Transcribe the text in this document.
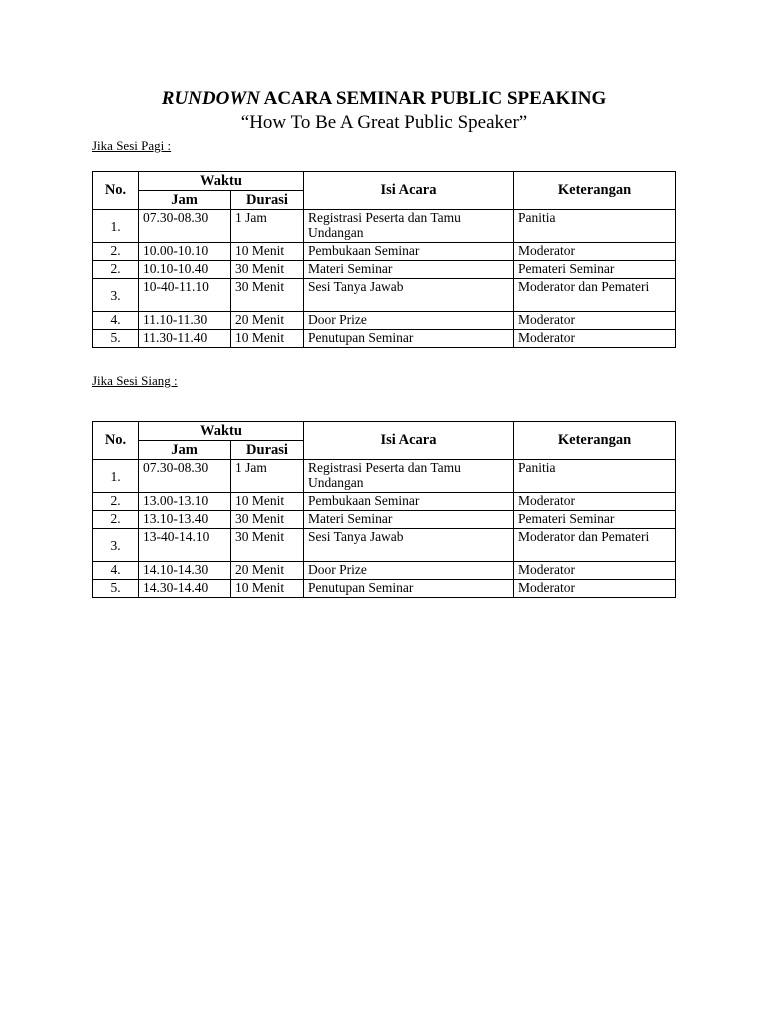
RUNDOWN ACARA SEMINAR PUBLIC SPEAKING
“How To Be A Great Public Speaker”
Jika Sesi Pagi :
No.	Waktu		Isi Acara	Keterangan
	Jam	Durasi		
1.	07.30-08.30	1 Jam	Registrasi Peserta dan Tamu Undangan	Panitia
2.	10.00-10.10	10 Menit	Pembukaan Seminar	Moderator
2.	10.10-10.40	30 Menit	Materi Seminar	Pemateri Seminar
3.	10-40-11.10	30 Menit	Sesi Tanya Jawab	Moderator dan Pemateri
4.	11.10-11.30	20 Menit	Door Prize	Moderator
5.	11.30-11.40	10 Menit	Penutupan Seminar	Moderator
Jika Sesi Siang :
No.	Waktu		Isi Acara	Keterangan
	Jam	Durasi		
1.	07.30-08.30	1 Jam	Registrasi Peserta dan Tamu Undangan	Panitia
2.	13.00-13.10	10 Menit	Pembukaan Seminar	Moderator
2.	13.10-13.40	30 Menit	Materi Seminar	Pemateri Seminar
3.	13-40-14.10	30 Menit	Sesi Tanya Jawab	Moderator dan Pemateri
4.	14.10-14.30	20 Menit	Door Prize	Moderator
5.	14.30-14.40	10 Menit	Penutupan Seminar	Moderator
